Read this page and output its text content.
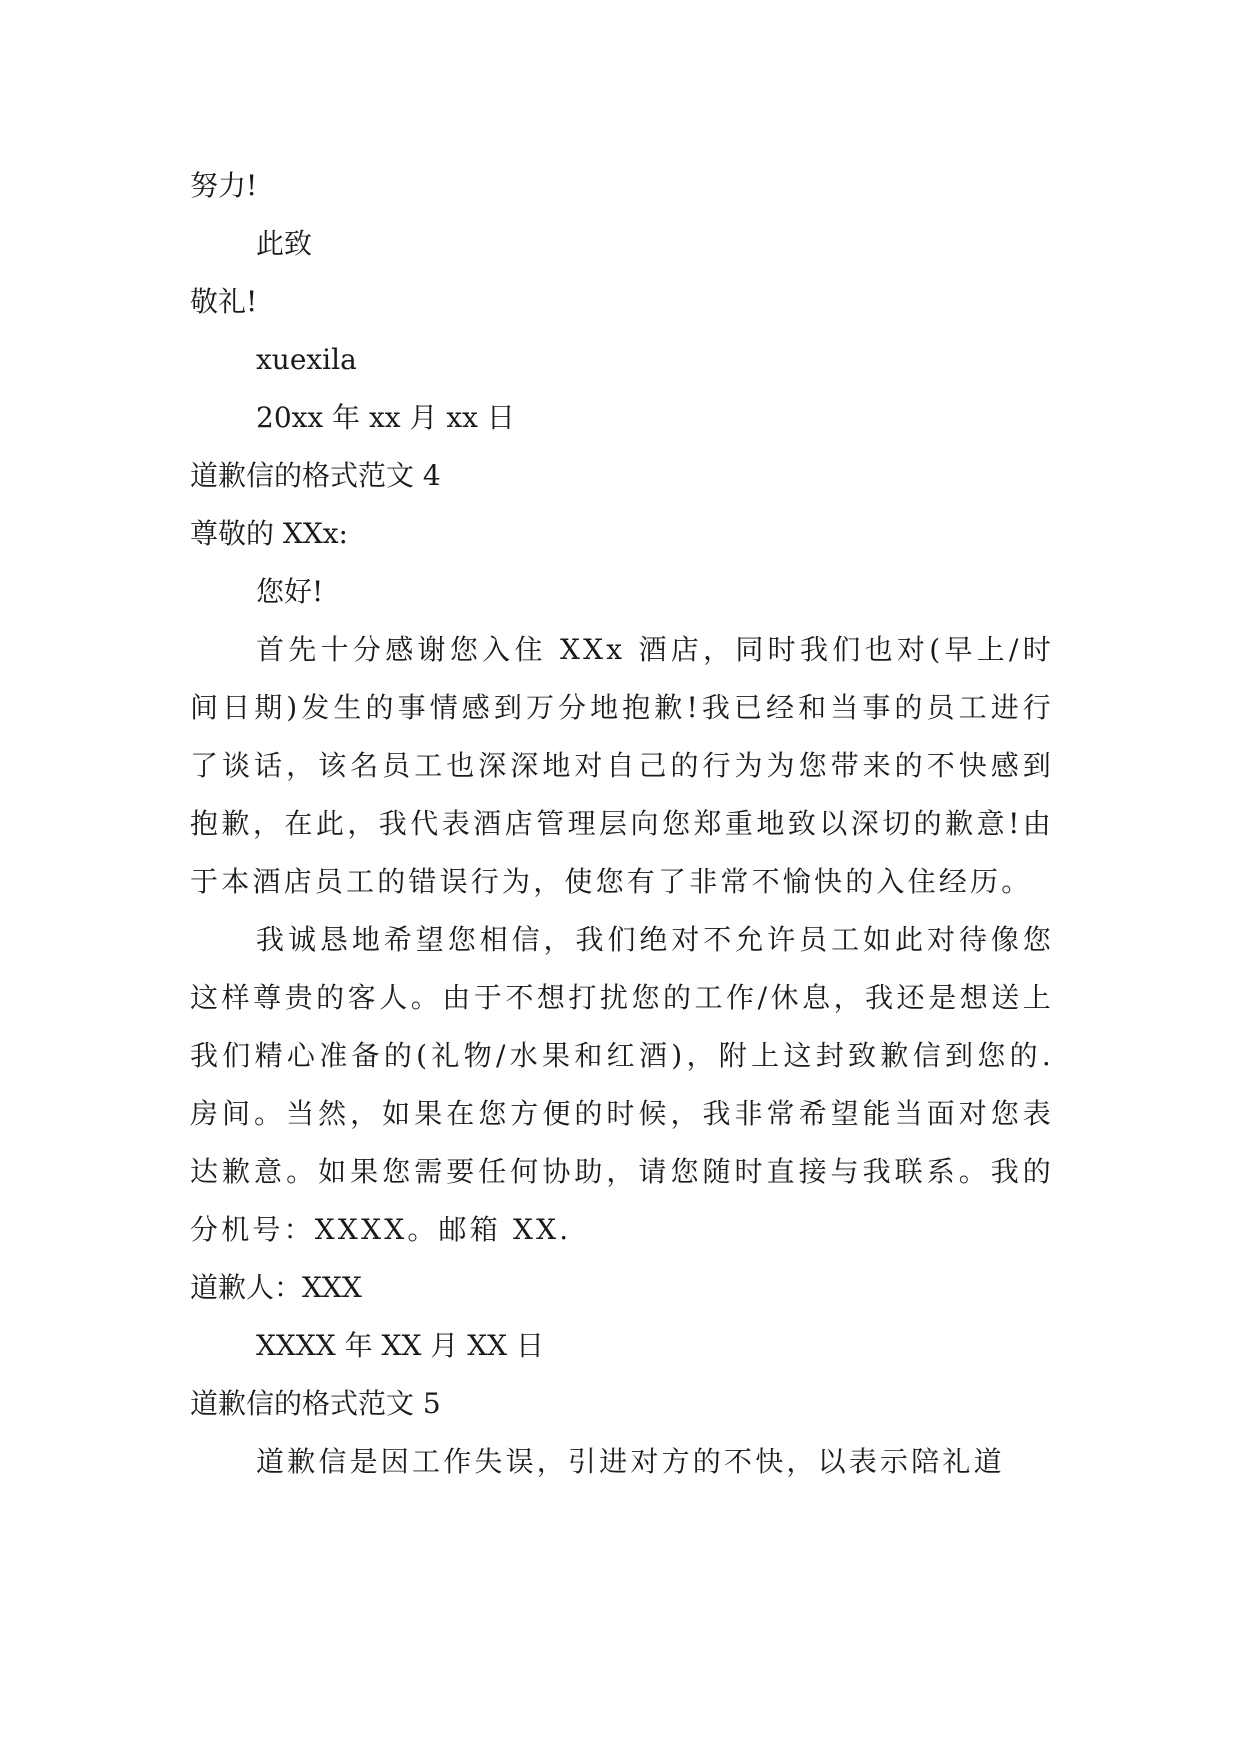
努力!
此致
敬礼!
xuexila
20xx 年 xx 月 xx 日
道歉信的格式范文 4
尊敬的 XXx:
您好!
首先十分感谢您入住 XXx 酒店，同时我们也对(早上/时间日期)发生的事情感到万分地抱歉!我已经和当事的员工进行了谈话，该名员工也深深地对自己的行为为您带来的不快感到抱歉，在此，我代表酒店管理层向您郑重地致以深切的歉意!由于本酒店员工的错误行为，使您有了非常不愉快的入住经历。
我诚恳地希望您相信，我们绝对不允许员工如此对待像您这样尊贵的客人。由于不想打扰您的工作/休息，我还是想送上我们精心准备的(礼物/水果和红酒)，附上这封致歉信到您的.房间。当然，如果在您方便的时候，我非常希望能当面对您表达歉意。如果您需要任何协助，请您随时直接与我联系。我的分机号：XXXX。邮箱 XX.
道歉人：XXX
XXXX 年 XX 月 XX 日
道歉信的格式范文 5
道歉信是因工作失误，引进对方的不快，以表示陪礼道
